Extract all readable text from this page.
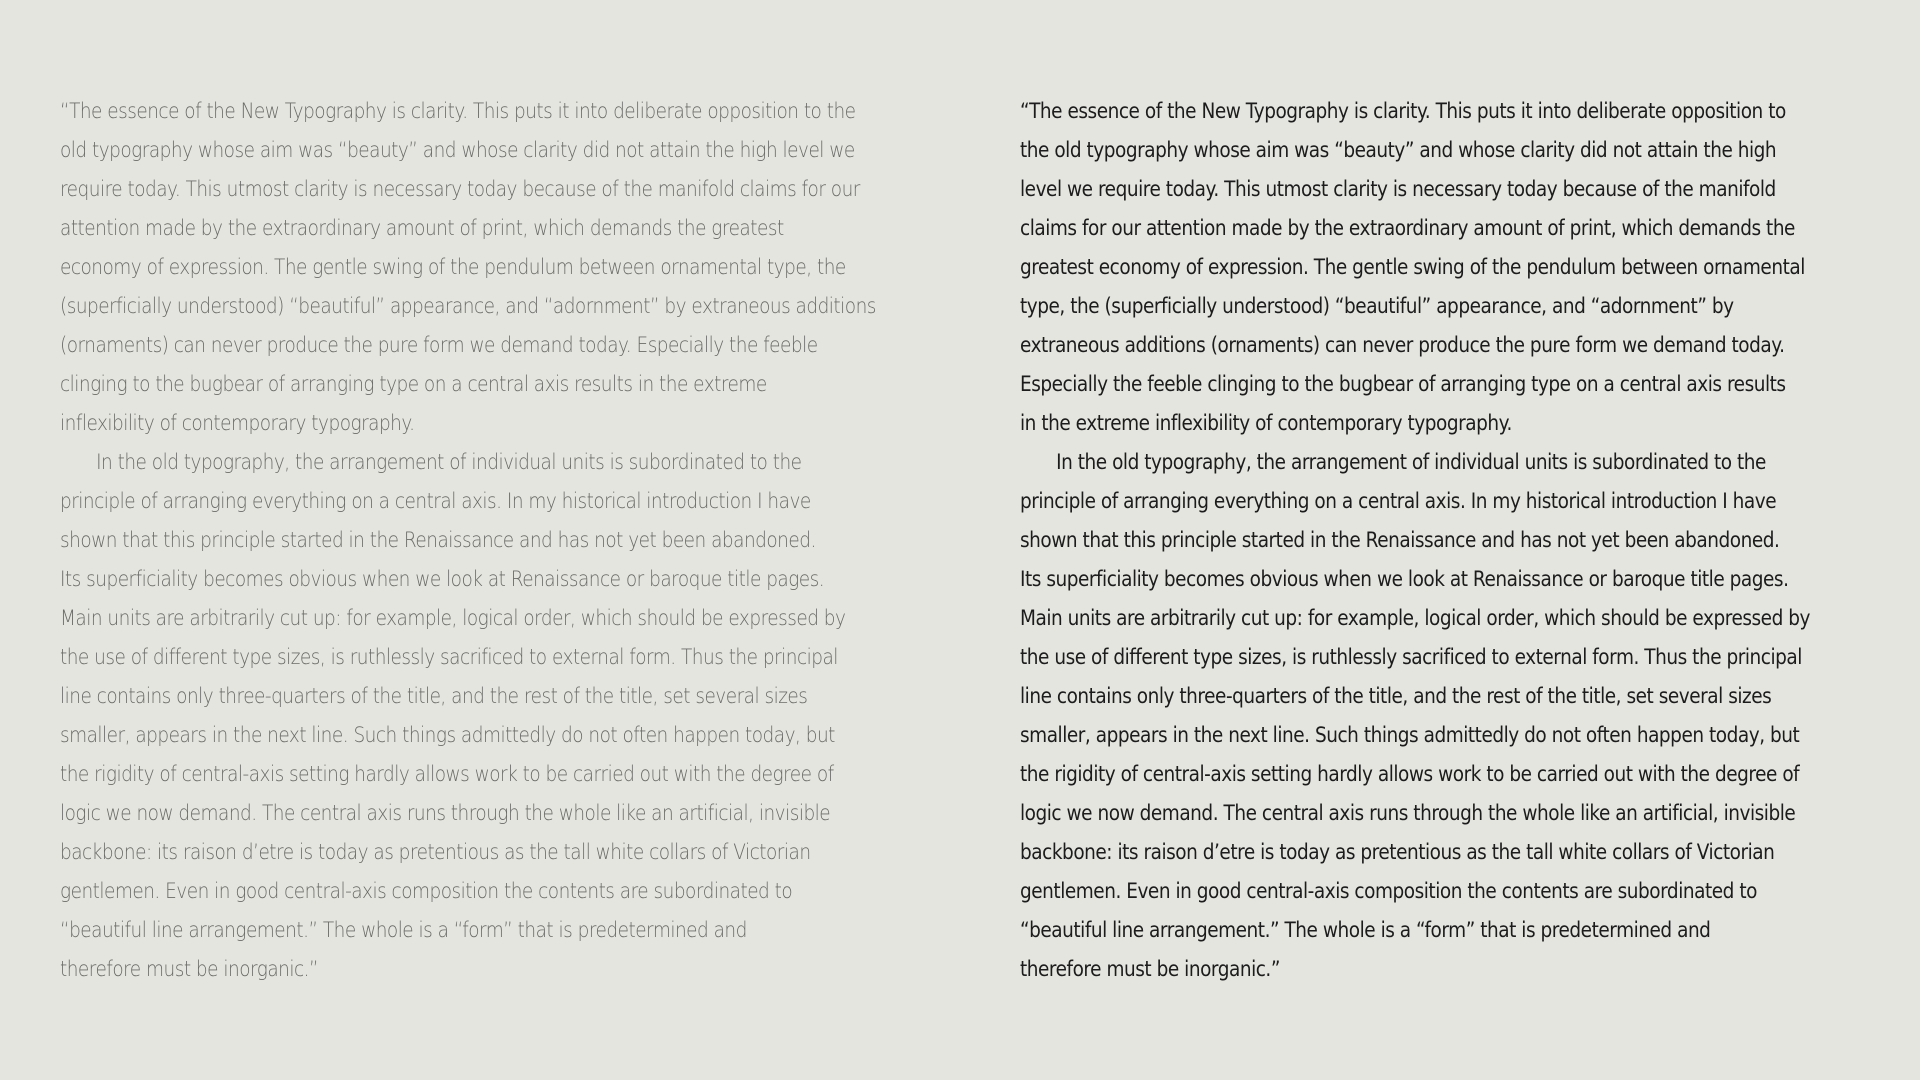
“The essence of the New Typography is clarity. This puts it into deliberate opposition to the
old typography whose aim was “beauty” and whose clarity did not attain the high level we
require today. This utmost clarity is necessary today because of the manifold claims for our
attention made by the extraordinary amount of print, which demands the greatest
economy of expression. The gentle swing of the pendulum between ornamental type, the
(superficially understood) “beautiful” appearance, and “adornment” by extraneous additions
(ornaments) can never produce the pure form we demand today. Especially the feeble
clinging to the bugbear of arranging type on a central axis results in the extreme
inflexibility of contemporary typography.
In the old typography, the arrangement of individual units is subordinated to the
principle of arranging everything on a central axis. In my historical introduction I have
shown that this principle started in the Renaissance and has not yet been abandoned.
Its superficiality becomes obvious when we look at Renaissance or baroque title pages.
Main units are arbitrarily cut up: for example, logical order, which should be expressed by
the use of different type sizes, is ruthlessly sacrificed to external form. Thus the principal
line contains only three-quarters of the title, and the rest of the title, set several sizes
smaller, appears in the next line. Such things admittedly do not often happen today, but
the rigidity of central-axis setting hardly allows work to be carried out with the degree of
logic we now demand. The central axis runs through the whole like an artificial, invisible
backbone: its raison d’etre is today as pretentious as the tall white collars of Victorian
gentlemen. Even in good central-axis composition the contents are subordinated to
“beautiful line arrangement.” The whole is a “form” that is predetermined and
therefore must be inorganic.”
“The essence of the New Typography is clarity. This puts it into deliberate opposition to
the old typography whose aim was “beauty” and whose clarity did not attain the high
level we require today. This utmost clarity is necessary today because of the manifold
claims for our attention made by the extraordinary amount of print, which demands the
greatest economy of expression. The gentle swing of the pendulum between ornamental
type, the (superficially understood) “beautiful” appearance, and “adornment” by
extraneous additions (ornaments) can never produce the pure form we demand today.
Especially the feeble clinging to the bugbear of arranging type on a central axis results
in the extreme inflexibility of contemporary typography.
In the old typography, the arrangement of individual units is subordinated to the
principle of arranging everything on a central axis. In my historical introduction I have
shown that this principle started in the Renaissance and has not yet been abandoned.
Its superficiality becomes obvious when we look at Renaissance or baroque title pages.
Main units are arbitrarily cut up: for example, logical order, which should be expressed by
the use of different type sizes, is ruthlessly sacrificed to external form. Thus the principal
line contains only three-quarters of the title, and the rest of the title, set several sizes
smaller, appears in the next line. Such things admittedly do not often happen today, but
the rigidity of central-axis setting hardly allows work to be carried out with the degree of
logic we now demand. The central axis runs through the whole like an artificial, invisible
backbone: its raison d’etre is today as pretentious as the tall white collars of Victorian
gentlemen. Even in good central-axis composition the contents are subordinated to
“beautiful line arrangement.” The whole is a “form” that is predetermined and
therefore must be inorganic.”
